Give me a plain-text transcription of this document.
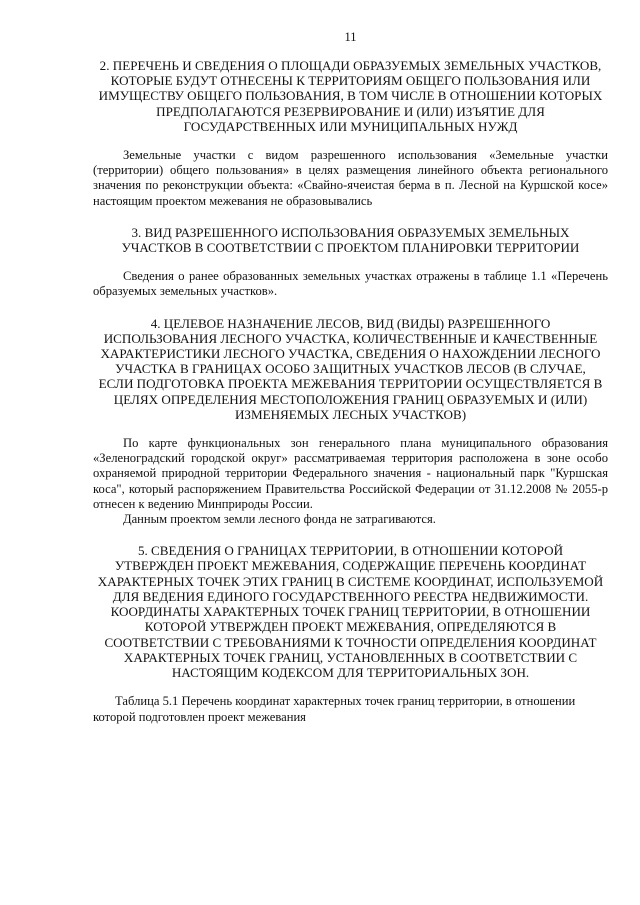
11
2. ПЕРЕЧЕНЬ И СВЕДЕНИЯ О ПЛОЩАДИ ОБРАЗУЕМЫХ ЗЕМЕЛЬНЫХ УЧАСТКОВ, КОТОРЫЕ БУДУТ ОТНЕСЕНЫ К ТЕРРИТОРИЯМ ОБЩЕГО ПОЛЬЗОВАНИЯ ИЛИ ИМУЩЕСТВУ ОБЩЕГО ПОЛЬЗОВАНИЯ, В ТОМ ЧИСЛЕ В ОТНОШЕНИИ КОТОРЫХ ПРЕДПОЛАГАЮТСЯ РЕЗЕРВИРОВАНИЕ И (ИЛИ) ИЗЪЯТИЕ ДЛЯ ГОСУДАРСТВЕННЫХ ИЛИ МУНИЦИПАЛЬНЫХ НУЖД
Земельные участки с видом разрешенного использования «Земельные участки (территории) общего пользования» в целях размещения линейного объекта регионального значения по реконструкции объекта: «Свайно-ячеистая берма в п. Лесной на Куршской косе» настоящим проектом межевания не образовывались
3. ВИД РАЗРЕШЕННОГО ИСПОЛЬЗОВАНИЯ ОБРАЗУЕМЫХ ЗЕМЕЛЬНЫХ УЧАСТКОВ В СООТВЕТСТВИИ С ПРОЕКТОМ ПЛАНИРОВКИ ТЕРРИТОРИИ
Сведения о ранее образованных земельных участках отражены в таблице 1.1 «Перечень образуемых земельных участков».
4. ЦЕЛЕВОЕ НАЗНАЧЕНИЕ ЛЕСОВ, ВИД (ВИДЫ) РАЗРЕШЕННОГО ИСПОЛЬЗОВАНИЯ ЛЕСНОГО УЧАСТКА, КОЛИЧЕСТВЕННЫЕ И КАЧЕСТВЕННЫЕ ХАРАКТЕРИСТИКИ ЛЕСНОГО УЧАСТКА, СВЕДЕНИЯ О НАХОЖДЕНИИ ЛЕСНОГО УЧАСТКА В ГРАНИЦАХ ОСОБО ЗАЩИТНЫХ УЧАСТКОВ ЛЕСОВ (В СЛУЧАЕ, ЕСЛИ ПОДГОТОВКА ПРОЕКТА МЕЖЕВАНИЯ ТЕРРИТОРИИ ОСУЩЕСТВЛЯЕТСЯ В ЦЕЛЯХ ОПРЕДЕЛЕНИЯ МЕСТОПОЛОЖЕНИЯ ГРАНИЦ ОБРАЗУЕМЫХ И (ИЛИ) ИЗМЕНЯЕМЫХ ЛЕСНЫХ УЧАСТКОВ)
По карте функциональных зон генерального плана муниципального образования «Зеленоградский городской округ» рассматриваемая территория расположена в зоне особо охраняемой природной территории Федерального значения - национальный парк "Куршская коса", который распоряжением Правительства Российской Федерации от 31.12.2008 № 2055-р отнесен к ведению Минприроды России.
Данным проектом земли лесного фонда не затрагиваются.
5. СВЕДЕНИЯ О ГРАНИЦАХ ТЕРРИТОРИИ, В ОТНОШЕНИИ КОТОРОЙ УТВЕРЖДЕН ПРОЕКТ МЕЖЕВАНИЯ, СОДЕРЖАЩИЕ ПЕРЕЧЕНЬ КООРДИНАТ ХАРАКТЕРНЫХ ТОЧЕК ЭТИХ ГРАНИЦ В СИСТЕМЕ КООРДИНАТ, ИСПОЛЬЗУЕМОЙ ДЛЯ ВЕДЕНИЯ ЕДИНОГО ГОСУДАРСТВЕННОГО РЕЕСТРА НЕДВИЖИМОСТИ. КООРДИНАТЫ ХАРАКТЕРНЫХ ТОЧЕК ГРАНИЦ ТЕРРИТОРИИ, В ОТНОШЕНИИ КОТОРОЙ УТВЕРЖДЕН ПРОЕКТ МЕЖЕВАНИЯ, ОПРЕДЕЛЯЮТСЯ В СООТВЕТСТВИИ С ТРЕБОВАНИЯМИ К ТОЧНОСТИ ОПРЕДЕЛЕНИЯ КООРДИНАТ ХАРАКТЕРНЫХ ТОЧЕК ГРАНИЦ, УСТАНОВЛЕННЫХ В СООТВЕТСТВИИ С НАСТОЯЩИМ КОДЕКСОМ ДЛЯ ТЕРРИТОРИАЛЬНЫХ ЗОН.
Таблица 5.1 Перечень координат характерных точек границ территории, в отношении которой подготовлен проект межевания
